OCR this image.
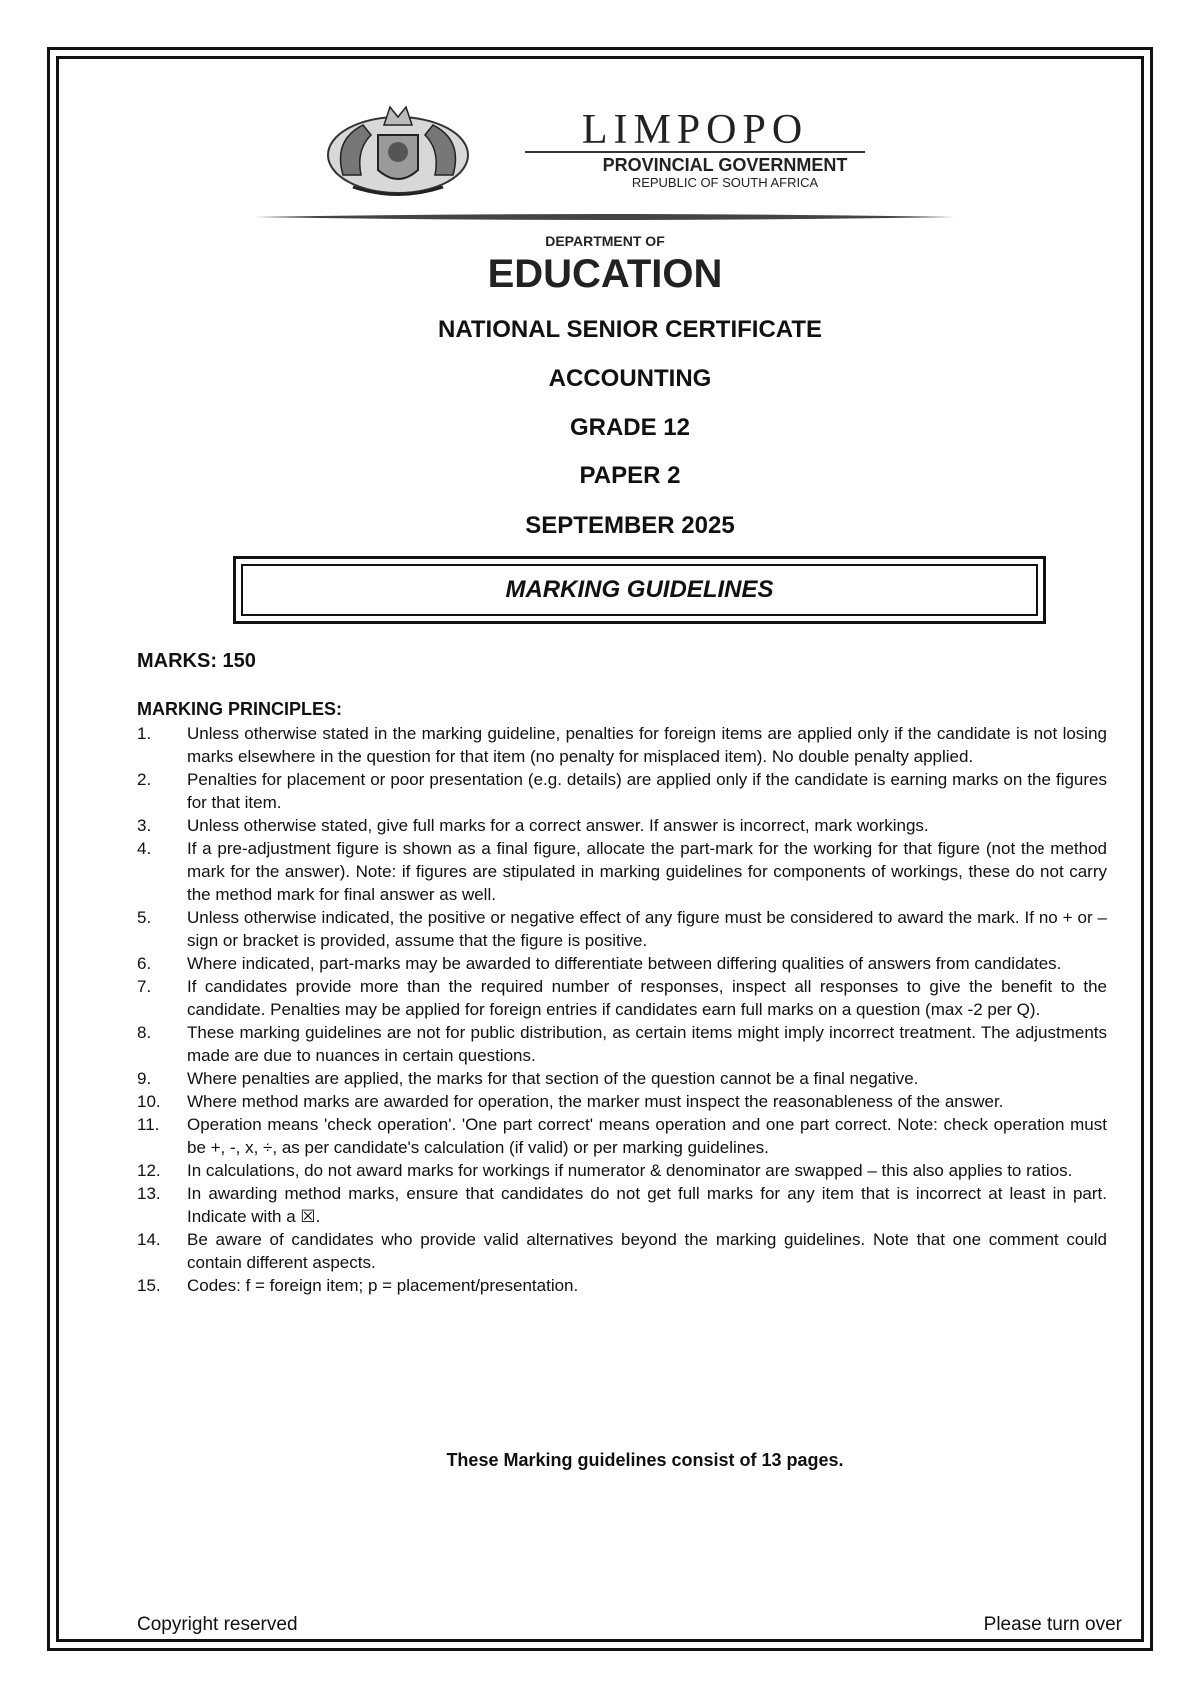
LIMPOPO
PROVINCIAL GOVERNMENT
REPUBLIC OF SOUTH AFRICA
DEPARTMENT OF
EDUCATION
NATIONAL SENIOR CERTIFICATE
ACCOUNTING
GRADE 12
PAPER 2
SEPTEMBER 2025
MARKING GUIDELINES
MARKS: 150
MARKING PRINCIPLES:
1.	Unless otherwise stated in the marking guideline, penalties for foreign items are applied only if the candidate is not losing marks elsewhere in the question for that item (no penalty for misplaced item). No double penalty applied.
2.	Penalties for placement or poor presentation (e.g. details) are applied only if the candidate is earning marks on the figures for that item.
3.	Unless otherwise stated, give full marks for a correct answer. If answer is incorrect, mark workings.
4.	If a pre-adjustment figure is shown as a final figure, allocate the part-mark for the working for that figure (not the method mark for the answer). Note: if figures are stipulated in marking guidelines for components of workings, these do not carry the method mark for final answer as well.
5.	Unless otherwise indicated, the positive or negative effect of any figure must be considered to award the mark. If no + or – sign or bracket is provided, assume that the figure is positive.
6.	Where indicated, part-marks may be awarded to differentiate between differing qualities of answers from candidates.
7.	If candidates provide more than the required number of responses, inspect all responses to give the benefit to the candidate. Penalties may be applied for foreign entries if candidates earn full marks on a question (max -2 per Q).
8.	These marking guidelines are not for public distribution, as certain items might imply incorrect treatment. The adjustments made are due to nuances in certain questions.
9.	Where penalties are applied, the marks for that section of the question cannot be a final negative.
10.	Where method marks are awarded for operation, the marker must inspect the reasonableness of the answer.
11.	Operation means 'check operation'. 'One part correct' means operation and one part correct. Note: check operation must be +, -, x, ÷, as per candidate's calculation (if valid) or per marking guidelines.
12.	In calculations, do not award marks for workings if numerator & denominator are swapped – this also applies to ratios.
13.	In awarding method marks, ensure that candidates do not get full marks for any item that is incorrect at least in part. Indicate with a ☒.
14.	Be aware of candidates who provide valid alternatives beyond the marking guidelines. Note that one comment could contain different aspects.
15.	Codes: f = foreign item; p = placement/presentation.
These Marking guidelines consist of 13 pages.
Copyright reserved	Please turn over
